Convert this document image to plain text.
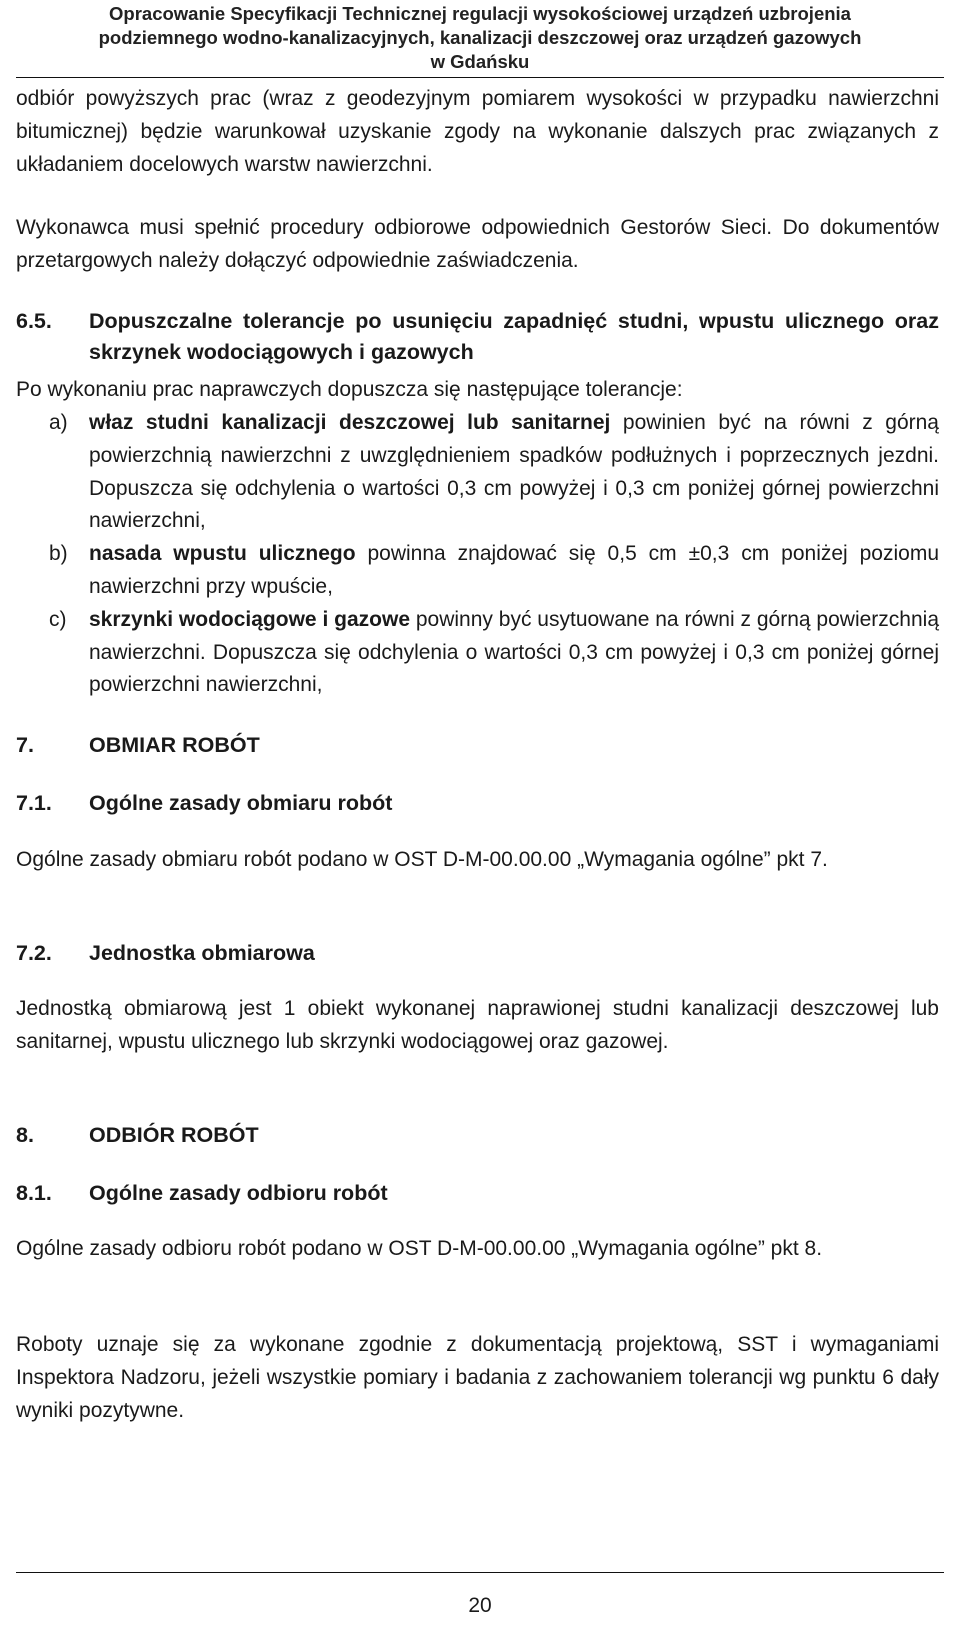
Opracowanie Specyfikacji Technicznej regulacji wysokościowej urządzeń uzbrojenia
podziemnego wodno-kanalizacyjnych, kanalizacji deszczowej oraz urządzeń gazowych
w Gdańsku
odbiór powyższych prac (wraz z geodezyjnym pomiarem wysokości w przypadku nawierzchni bitumicznej) będzie warunkował uzyskanie zgody na wykonanie dalszych prac związanych z układaniem docelowych warstw nawierzchni.
Wykonawca musi spełnić procedury odbiorowe odpowiednich Gestorów Sieci. Do dokumentów przetargowych należy dołączyć odpowiednie zaświadczenia.
6.5. Dopuszczalne tolerancje po usunięciu zapadnięć studni, wpustu ulicznego oraz skrzynek wodociągowych i gazowych
Po wykonaniu prac naprawczych dopuszcza się następujące tolerancje:
a) właz studni kanalizacji deszczowej lub sanitarnej powinien być na równi z górną powierzchnią nawierzchni z uwzględnieniem spadków podłużnych i poprzecznych jezdni. Dopuszcza się odchylenia o wartości 0,3 cm powyżej i 0,3 cm poniżej górnej powierzchni nawierzchni,
b) nasada wpustu ulicznego powinna znajdować się 0,5 cm ±0,3 cm poniżej poziomu nawierzchni przy wpuście,
c) skrzynki wodociągowe i gazowe powinny być usytuowane na równi z górną powierzchnią nawierzchni. Dopuszcza się odchylenia o wartości 0,3 cm powyżej i 0,3 cm poniżej górnej powierzchni nawierzchni,
7.	OBMIAR ROBÓT
7.1. Ogólne zasady obmiaru robót
Ogólne zasady obmiaru robót podano w OST D-M-00.00.00 „Wymagania ogólne” pkt 7.
7.2. Jednostka obmiarowa
Jednostką obmiarową jest 1 obiekt wykonanej naprawionej studni kanalizacji deszczowej lub sanitarnej, wpustu ulicznego lub skrzynki wodociągowej oraz gazowej.
8.	ODBIÓR ROBÓT
8.1. Ogólne zasady odbioru robót
Ogólne zasady odbioru robót podano w OST D-M-00.00.00 „Wymagania ogólne” pkt 8.
Roboty uznaje się za wykonane zgodnie z dokumentacją projektową, SST i wymaganiami Inspektora Nadzoru, jeżeli wszystkie pomiary i badania z zachowaniem tolerancji wg punktu 6 dały wyniki pozytywne.
20
